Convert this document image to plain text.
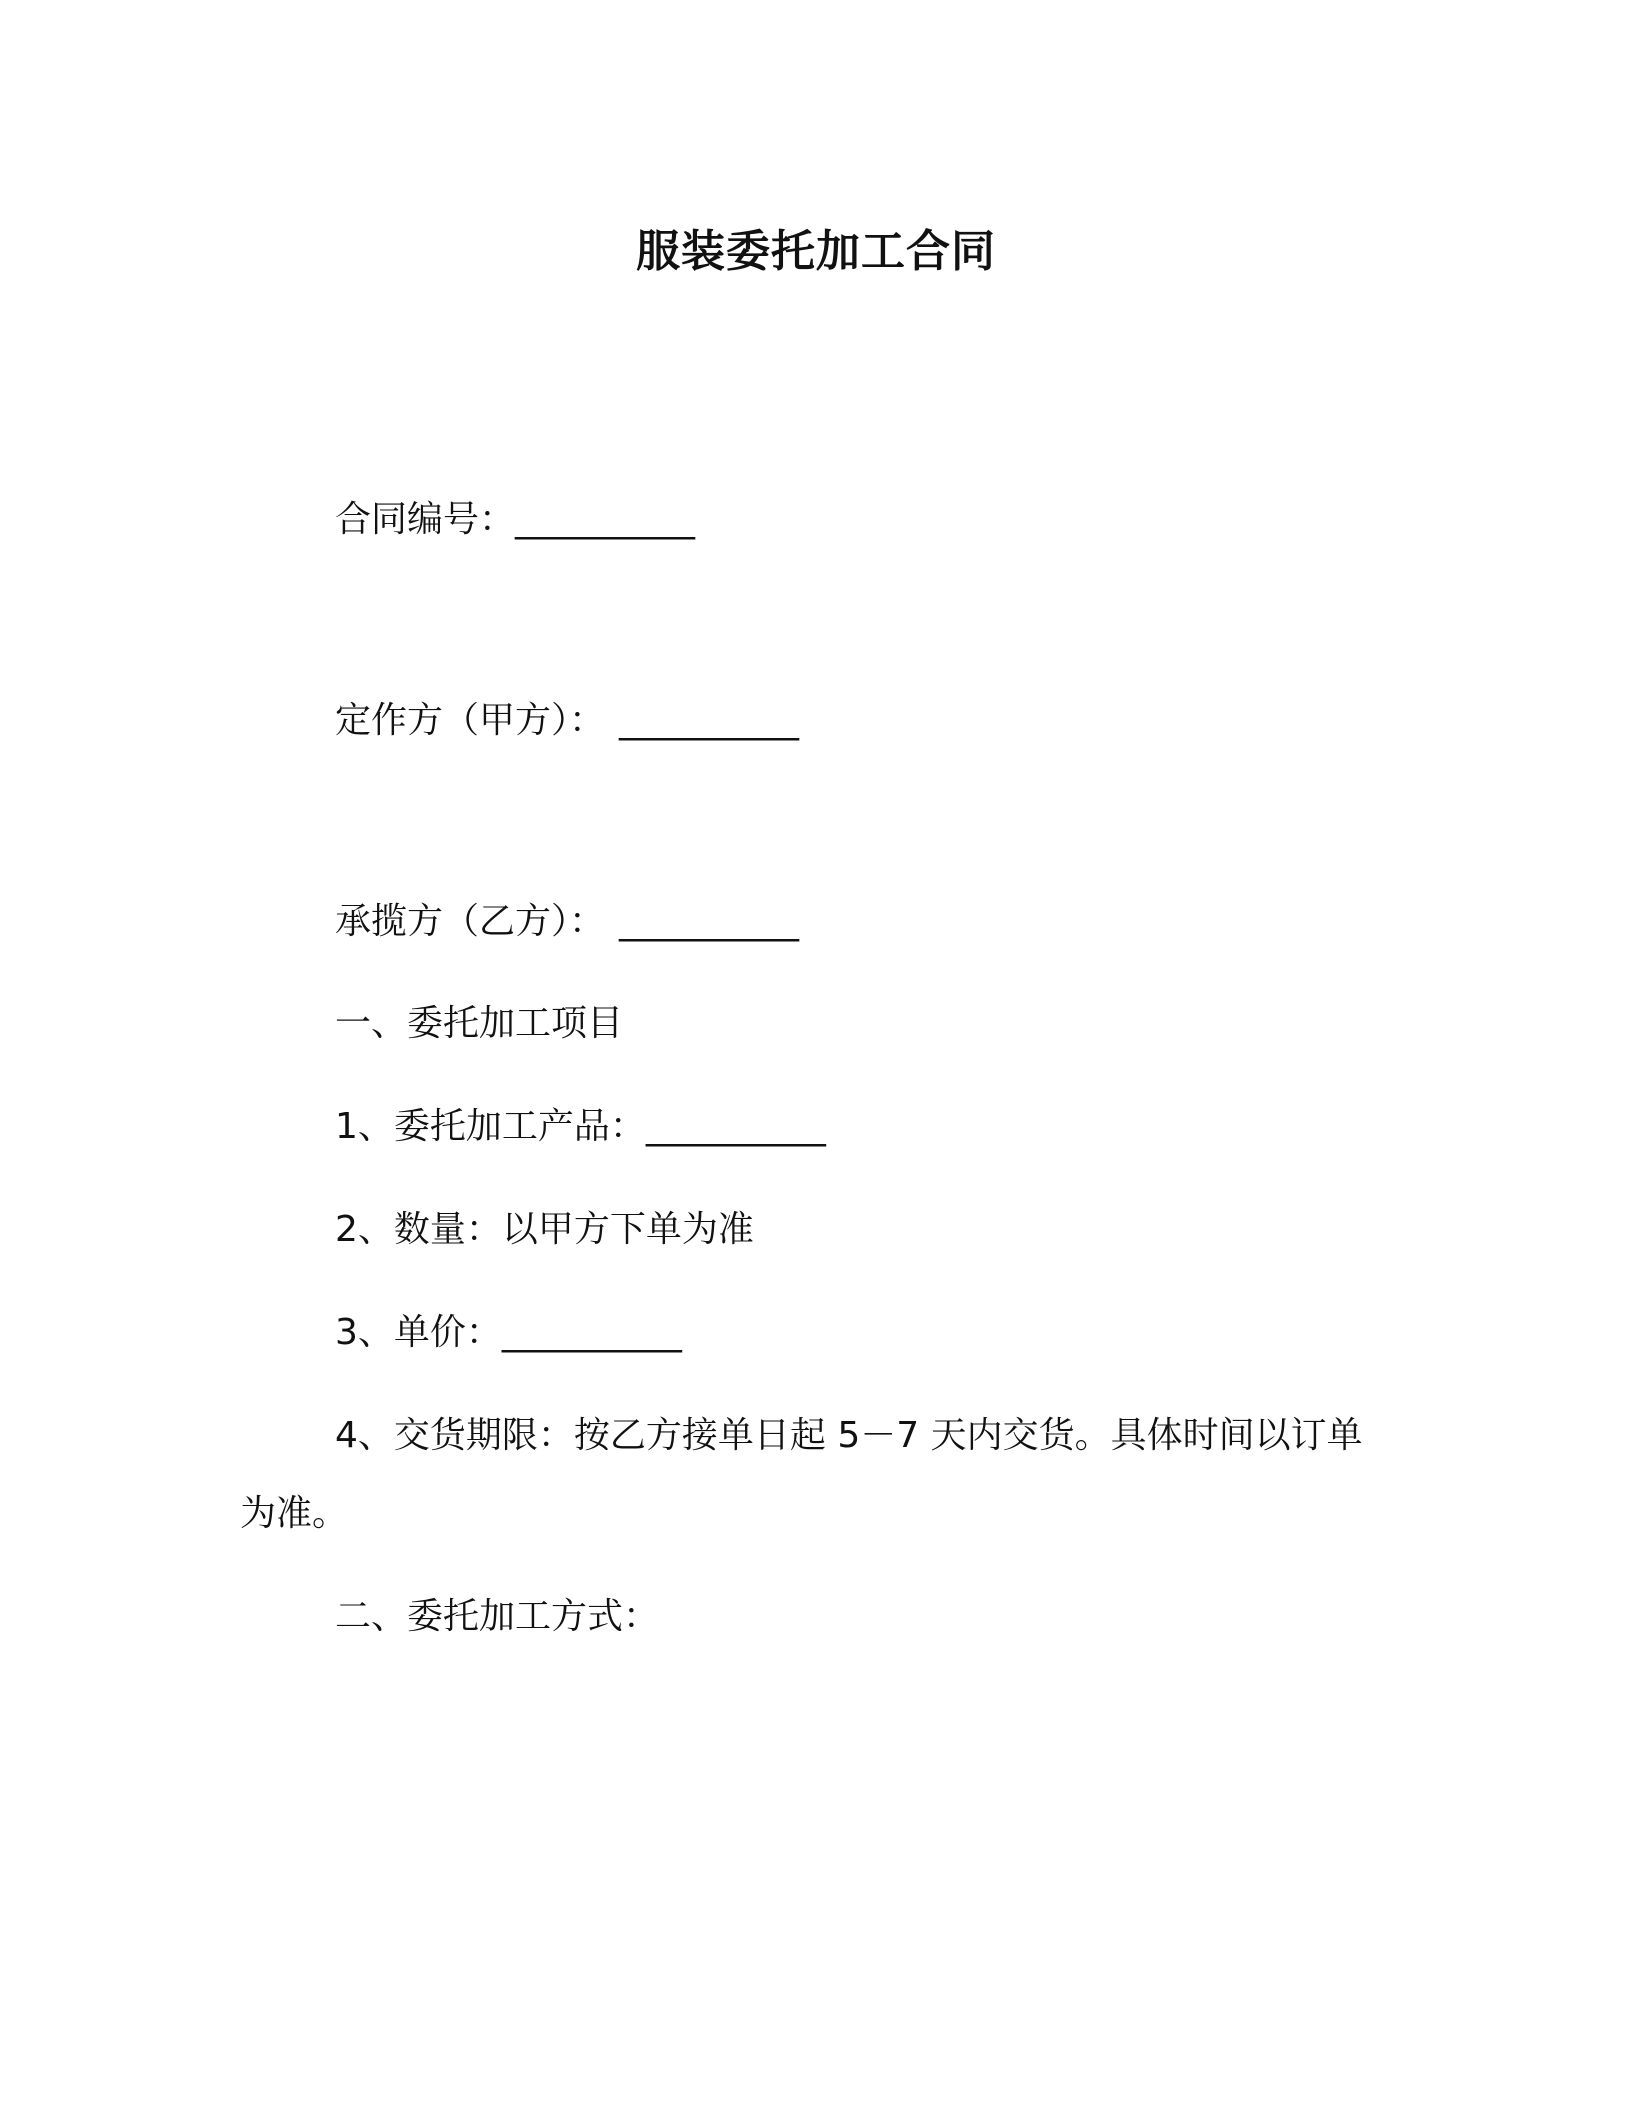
服装委托加工合同
合同编号：__________
定作方（甲方）： __________
承揽方（乙方）： __________
一、委托加工项目
1、委托加工产品：__________
2、数量：以甲方下单为准
3、单价：__________
4、交货期限：按乙方接单日起 5－7 天内交货。具体时间以订单
为准。
二、委托加工方式：
